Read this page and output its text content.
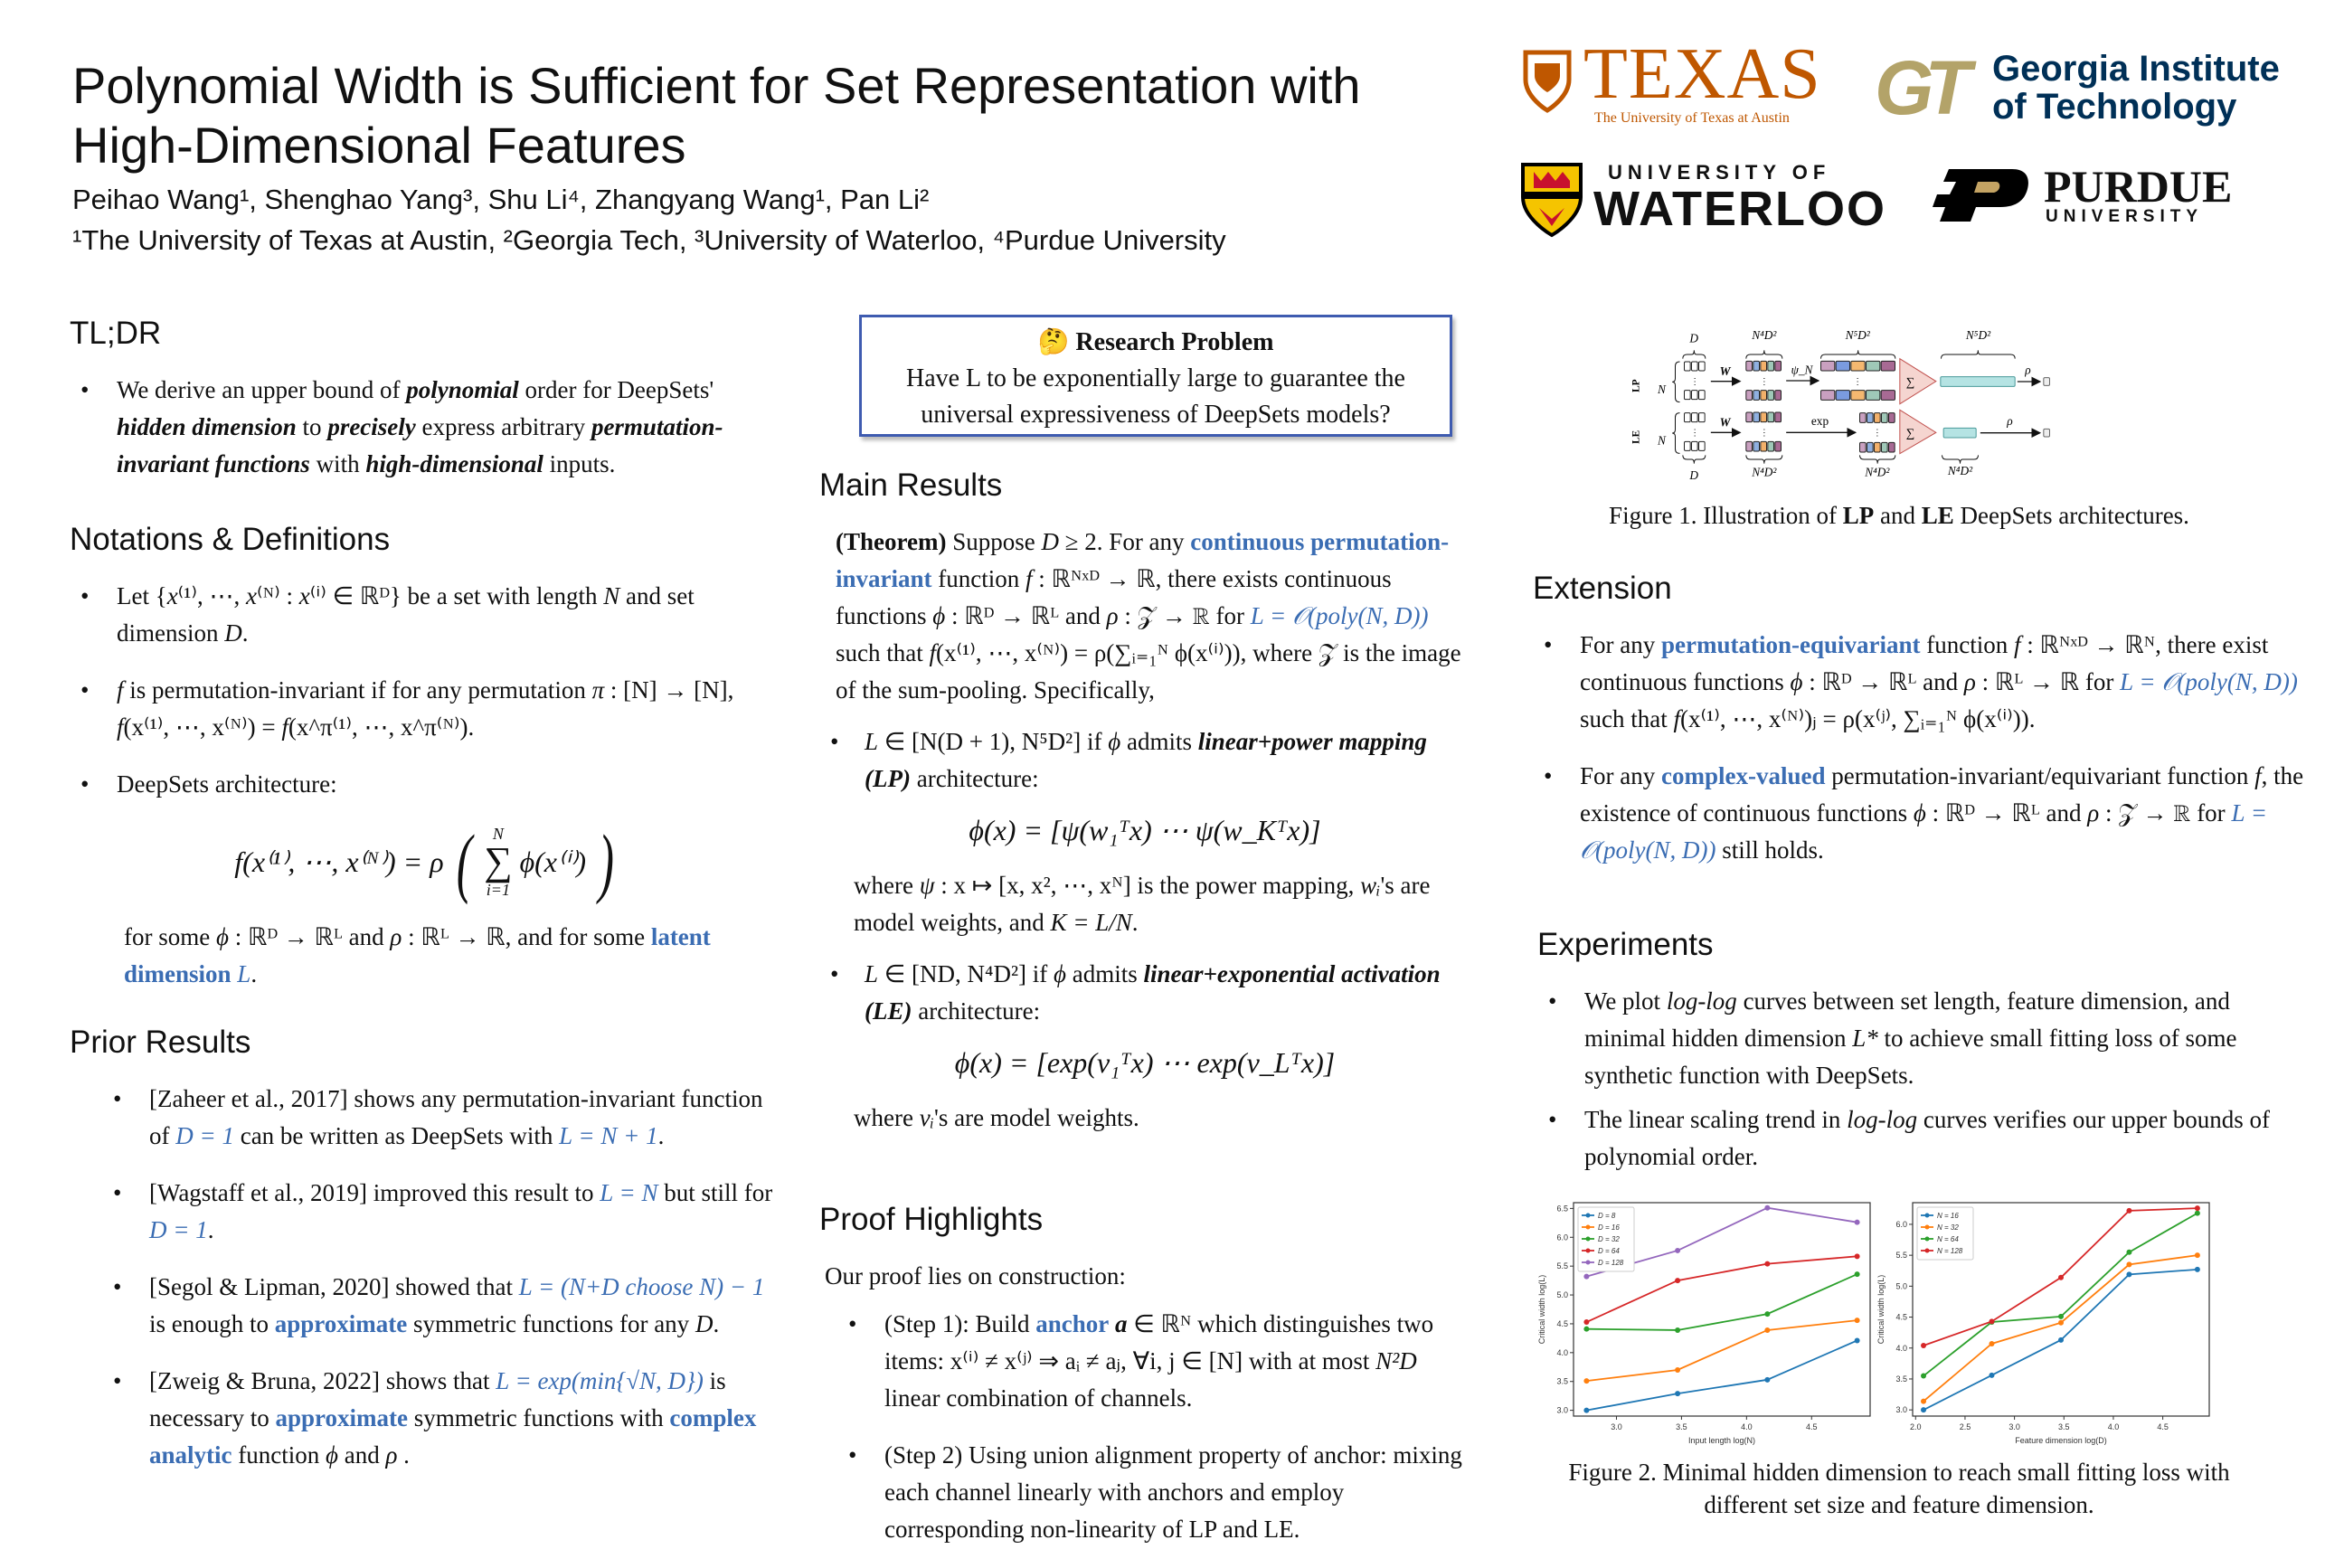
Polynomial Width is Sufficient for Set Representation with High-Dimensional Features
Peihao Wang¹, Shenghao Yang³, Shu Li⁴, Zhangyang Wang¹, Pan Li²
¹The University of Texas at Austin, ²Georgia Tech, ³University of Waterloo, ⁴Purdue University
TEXAS
The University of Texas at Austin GT Georgia Institute
of Technology
UNIVERSITY OF
WATERLOO	PURDUE
UNIVERSITY
TL;DR
• We derive an upper bound of polynomial order for DeepSets' hidden dimension to precisely express arbitrary permutation-invariant functions with high-dimensional inputs.
Notations & Definitions
• Let {x⁽¹⁾, ⋯, x⁽ᴺ⁾ : x⁽ⁱ⁾ ∈ ℝᴰ} be a set with length N and set dimension D.
• f is permutation-invariant if for any permutation π : [N] → [N], f(x⁽¹⁾, ⋯, x⁽ᴺ⁾) = f(x^π⁽¹⁾, ⋯, x^π⁽ᴺ⁾).
• DeepSets architecture:
f(x⁽¹⁾, ⋯, x⁽ᴺ⁾) = ρ ( N
∑
i=1
ϕ(x⁽ⁱ⁾) )
for some ϕ : ℝᴰ → ℝᴸ and ρ : ℝᴸ → ℝ, and for some latent dimension L.
Prior Results
• [Zaheer et al., 2017] shows any permutation-invariant function of D = 1 can be written as DeepSets with L = N + 1.
• [Wagstaff et al., 2019] improved this result to L = N but still for D = 1.
• [Segol & Lipman, 2020] showed that L = (N+D choose N) − 1 is enough to approximate symmetric functions for any D.
• [Zweig & Bruna, 2022] shows that L = exp(min{√N, D}) is necessary to approximate symmetric functions with complex analytic function ϕ and ρ .
🤔 Research Problem
Have L to be exponentially large to guarantee the universal expressiveness of DeepSets models?
Main Results
(Theorem) Suppose D ≥ 2. For any continuous permutation-invariant function f : ℝᴺˣᴰ → ℝ, there exists continuous functions ϕ : ℝᴰ → ℝᴸ and ρ : 𝒵 → ℝ for L = 𝒪(poly(N, D)) such that f(x⁽¹⁾, ⋯, x⁽ᴺ⁾) = ρ(∑ᵢ₌₁ᴺ ϕ(x⁽ⁱ⁾)), where 𝒵 is the image of the sum-pooling. Specifically,
• L ∈ [N(D + 1), N⁵D²] if ϕ admits linear+power mapping (LP) architecture:
ϕ(x) = [ψ(w₁ᵀx) ⋯ ψ(w_Kᵀx)]
where ψ : x ↦ [x, x², ⋯, xᴺ] is the power mapping, wᵢ's are model weights, and K = L/N.
• L ∈ [ND, N⁴D²] if ϕ admits linear+exponential activation (LE) architecture:
ϕ(x) = [exp(v₁ᵀx) ⋯ exp(v_Lᵀx)]
where vᵢ's are model weights.
Proof Highlights
Our proof lies on construction:
• (Step 1): Build anchor a ∈ ℝᴺ which distinguishes two items: x⁽ⁱ⁾ ≠ x⁽ʲ⁾ ⇒ aᵢ ≠ aⱼ, ∀i, j ∈ [N] with at most N²D linear combination of channels.
• (Step 2) Using union alignment property of anchor: mixing each channel linearly with anchors and employ corresponding non-linearity of LP and LE.
LP N
⋮
W
⋮
LE N
⋮
W
⋮
ψ_N
⋮
exp
⋮
∑
∑
ρ
ρ
D N⁴D² N⁵D²	N⁵D²
D N⁴D² N⁴D² N⁴D²
Figure 1. Illustration of LP and LE DeepSets architectures.
Extension
• For any permutation-equivariant function f : ℝᴺˣᴰ → ℝᴺ, there exist continuous functions ϕ : ℝᴰ → ℝᴸ and ρ : ℝᴸ → ℝ for L = 𝒪(poly(N, D)) such that f(x⁽¹⁾, ⋯, x⁽ᴺ⁾)ⱼ = ρ(x⁽ʲ⁾, ∑ᵢ₌₁ᴺ ϕ(x⁽ⁱ⁾)).
• For any complex-valued permutation-invariant/equivariant function f, the existence of continuous functions ϕ : ℝᴰ → ℝᴸ and ρ : 𝒵 → ℝ for L = 𝒪(poly(N, D)) still holds.
Experiments
• We plot log-log curves between set length, feature dimension, and minimal hidden dimension L* to achieve small fitting loss of some synthetic function with DeepSets.
• The linear scaling trend in log-log curves verifies our upper bounds of polynomial order.
3.0	3.5	4.0	4.5
3.0
3.5
4.0
4.5
5.0
5.5
6.0
6.5
Input length log(N)
Critical width log(L)
D = 8
D = 16
D = 32
D = 64
D = 128
2.0	2.5	3.0	3.5	4.0	4.5
3.0
3.5
4.0
4.5
5.0
5.5
6.0
Feature dimension log(D)
Critical width log(L)
N = 16
N = 32
N = 64
N = 128
Figure 2. Minimal hidden dimension to reach small fitting loss with different set size and feature dimension.
